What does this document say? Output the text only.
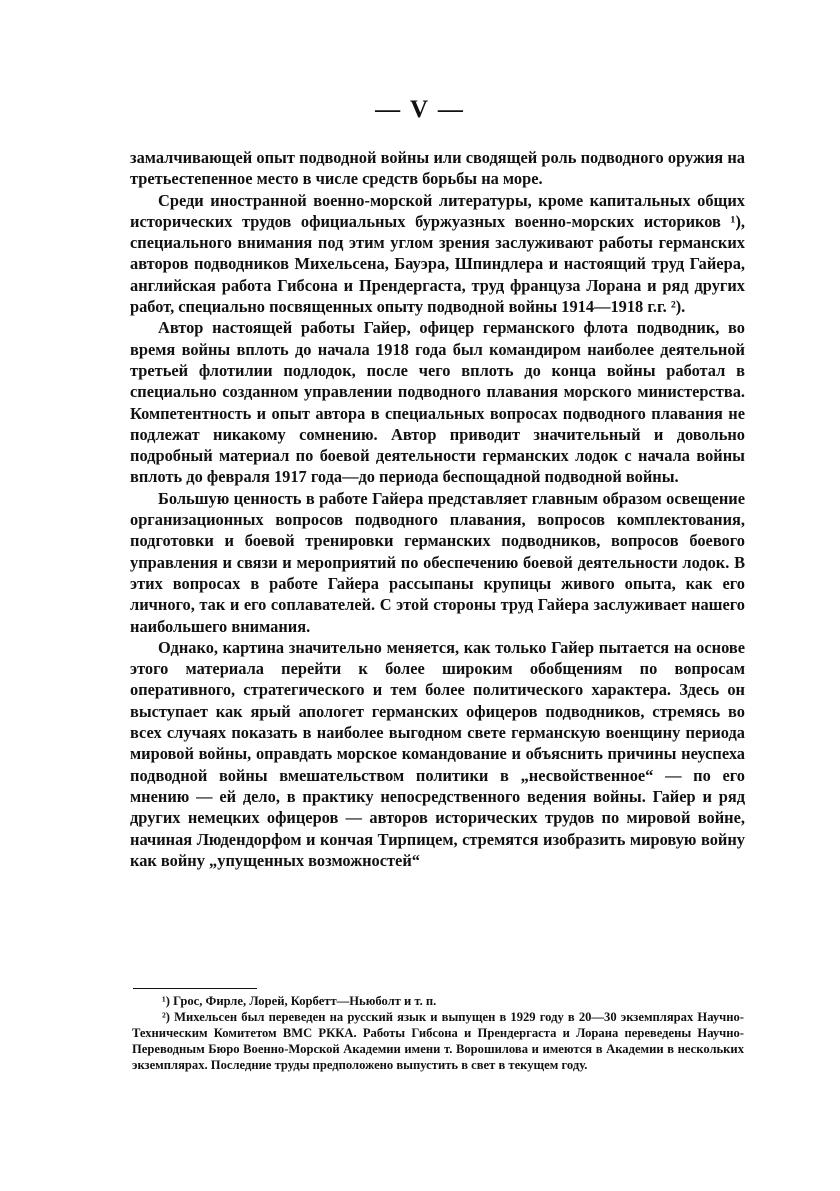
— V —

замалчивающей опыт подводной войны или сводящей роль подводного оружия на третьестепенное место в числе средств борьбы на море.

Среди иностранной военно-морской литературы, кроме капитальных общих исторических трудов официальных буржуазных военно-морских историков ¹), специального внимания под этим углом зрения заслуживают работы германских авторов подводников Михельсена, Бауэра, Шпиндлера и настоящий труд Гайера, английская работа Гибсона и Прендергаста, труд француза Лорана и ряд других работ, специально посвященных опыту подводной войны 1914—1918 г.г. ²).

Автор настоящей работы Гайер, офицер германского флота подводник, во время войны вплоть до начала 1918 года был командиром наиболее деятельной третьей флотилии подлодок, после чего вплоть до конца войны работал в специально созданном управлении подводного плавания морского министерства. Компетентность и опыт автора в специальных вопросах подводного плавания не подлежат никакому сомнению. Автор приводит значительный и довольно подробный материал по боевой деятельности германских лодок с начала войны вплоть до февраля 1917 года—до периода беспощадной подводной войны.

Большую ценность в работе Гайера представляет главным образом освещение организационных вопросов подводного плавания, вопросов комплектования, подготовки и боевой тренировки германских подводников, вопросов боевого управления и связи и мероприятий по обеспечению боевой деятельности лодок. В этих вопросах в работе Гайера рассыпаны крупицы живого опыта, как его личного, так и его соплавателей. С этой стороны труд Гайера заслуживает нашего наибольшего внимания.

Однако, картина значительно меняется, как только Гайер пытается на основе этого материала перейти к более широким обобщениям по вопросам оперативного, стратегического и тем более политического характера. Здесь он выступает как ярый апологет германских офицеров подводников, стремясь во всех случаях показать в наиболее выгодном свете германскую военщину периода мировой войны, оправдать морское командование и объяснить причины неуспеха подводной войны вмешательством политики в „несвойственное“ — по его мнению — ей дело, в практику непосредственного ведения войны. Гайер и ряд других немецких офицеров — авторов исторических трудов по мировой войне, начиная Людендорфом и кончая Тирпицем, стремятся изобразить мировую войну как войну „упущенных возможностей“

¹) Грос, Фирле, Лорей, Корбетт—Ньюболт и т. п.

²) Михельсен был переведен на русский язык и выпущен в 1929 году в 20—30 экземплярах Научно-Техническим Комитетом ВМС РККА. Работы Гибсона и Прендергаста и Лорана переведены Научно-Переводным Бюро Военно-Морской Академии имени т. Ворошилова и имеются в Академии в нескольких экземплярах. Последние труды предположено выпустить в свет в текущем году.
